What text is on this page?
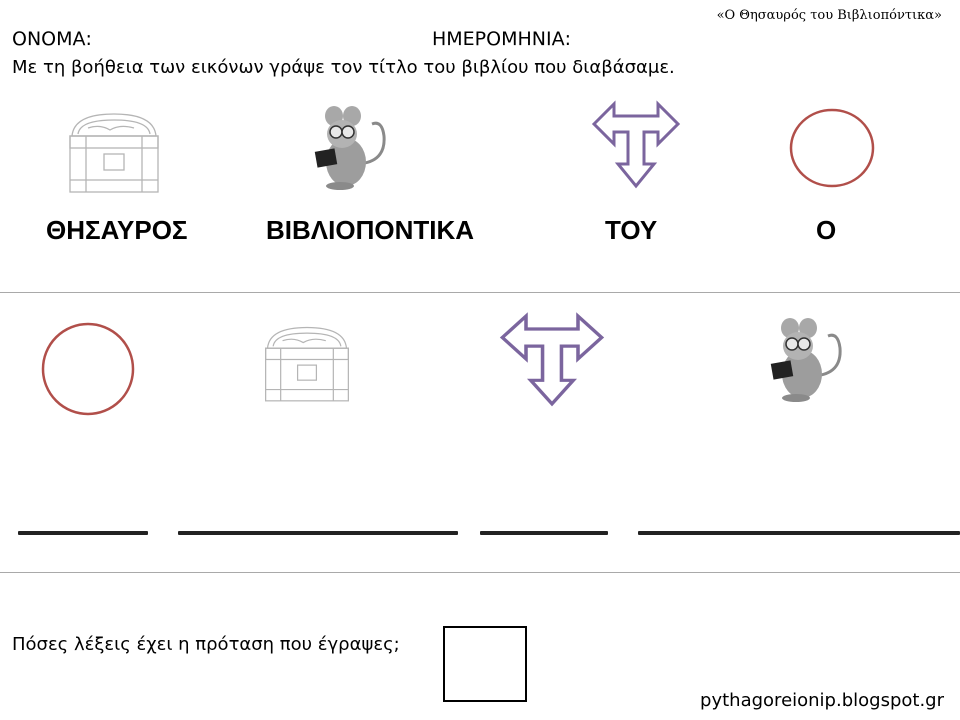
«Ο Θησαυρός του Βιβλιοπόντικα»
ΟΝΟΜΑ:	ΗΜΕΡΟΜΗΝΙΑ:
Με τη βοήθεια των εικόνων γράψε τον τίτλο του βιβλίου που διαβάσαμε.
ΘΗΣΑΥΡΟΣ	ΒΙΒΛΙΟΠΟΝΤΙΚΑ	ΤΟΥ	Ο
Πόσες λέξεις έχει η πρόταση που έγραψες;
pythagoreionip.blogspot.gr
